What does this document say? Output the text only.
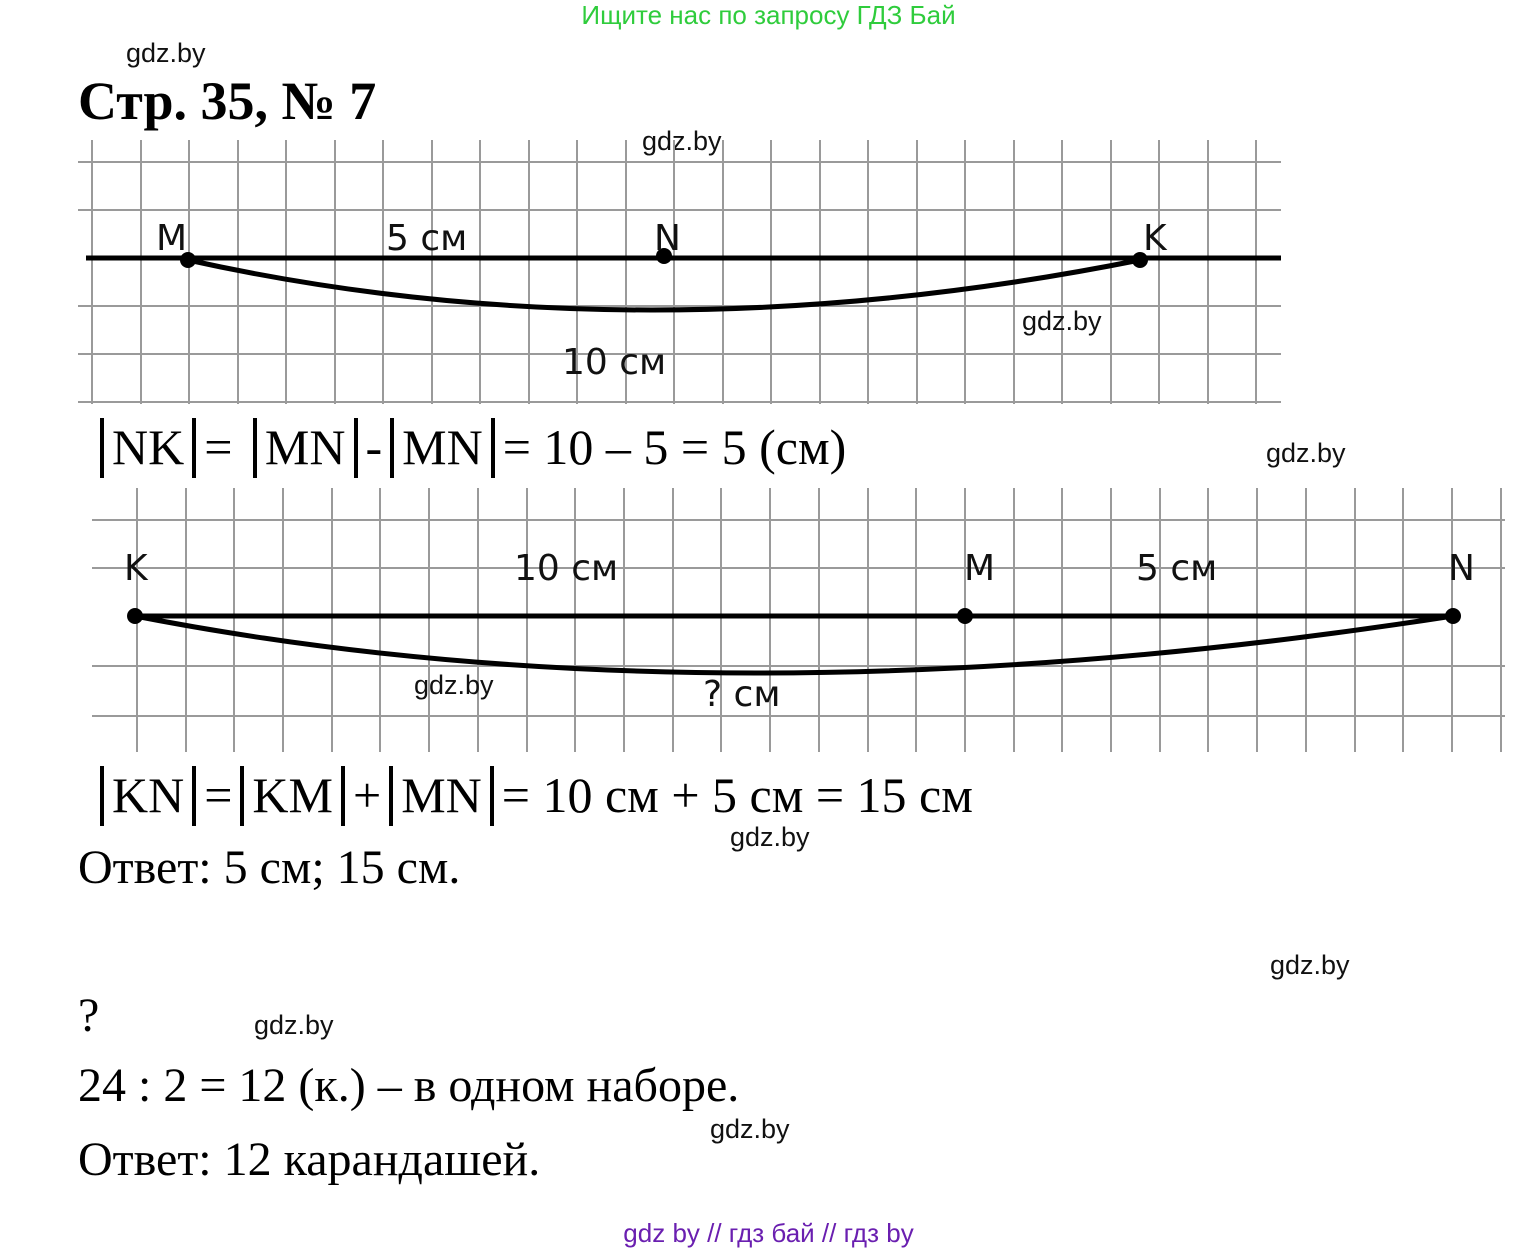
Ищите нас по запросу ГДЗ Бай
gdz.by
Стр. 35, № 7
gdz.by
M	N	K
5 см
10 см
gdz.by
NK = MN - MN = 10 – 5 = 5 (см)	gdz.by
K	M	N
10 см	5 см
? см
gdz.by
KN = KM + MN = 10 см + 5 см = 15 см
gdz.by
Ответ: 5 см; 15 см.
gdz.by
?	gdz.by
24 : 2 = 12 (к.) – в одном наборе.
gdz.by
Ответ: 12 карандашей.
gdz by // гдз бай // гдз by
